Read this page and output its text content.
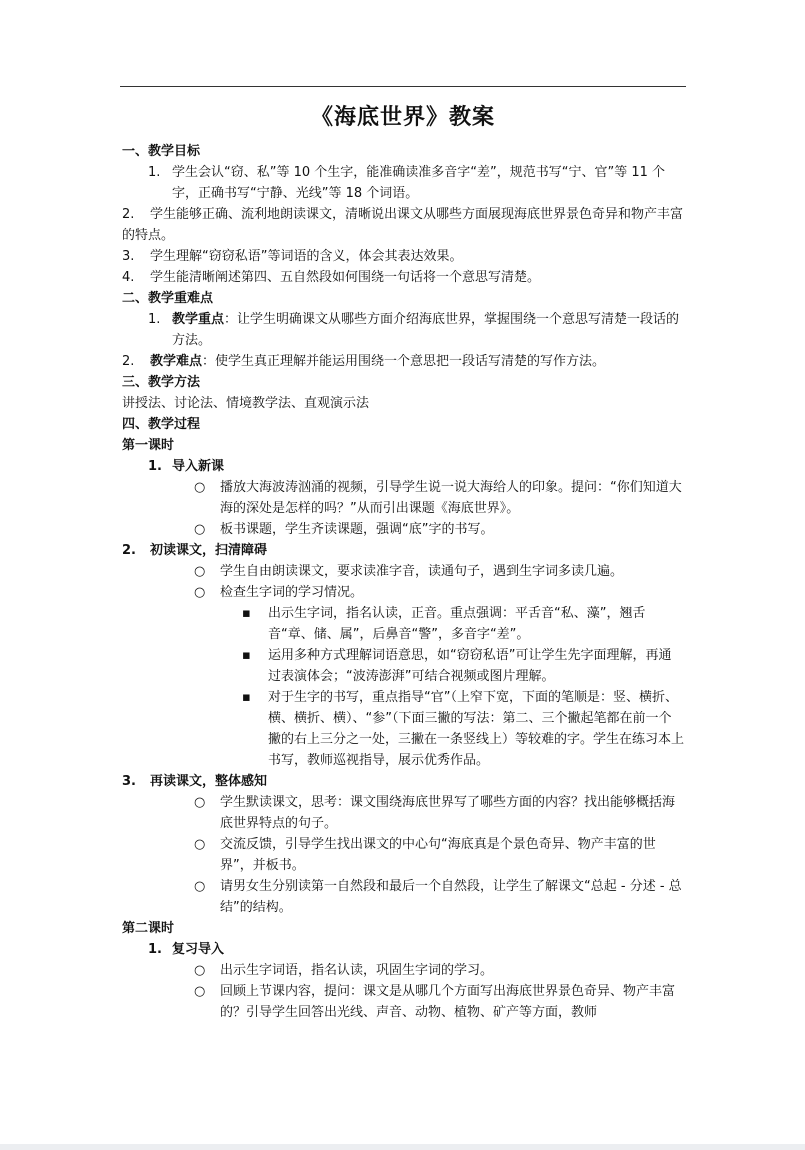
《海底世界》教案
一、教学目标
1. 学生会认“窃、私”等 10 个生字，能准确读准多音字“差”，规范书写“宁、官”等 11 个字，正确书写“宁静、光线”等 18 个词语。
2.	学生能够正确、流利地朗读课文，清晰说出课文从哪些方面展现海底世界景色奇异和物产丰富的特点。
3.	学生理解“窃窃私语”等词语的含义，体会其表达效果。
4.	学生能清晰阐述第四、五自然段如何围绕一句话将一个意思写清楚。
二、教学重难点
1. 教学重点：让学生明确课文从哪些方面介绍海底世界，掌握围绕一个意思写清楚一段话的方法。
2.	教学难点：使学生真正理解并能运用围绕一个意思把一段话写清楚的写作方法。
三、教学方法
讲授法、讨论法、情境教学法、直观演示法
四、教学过程
第一课时
1. 导入新课
○	播放大海波涛汹涌的视频，引导学生说一说大海给人的印象。提问：“你们知道大海的深处是怎样的吗？”从而引出课题《海底世界》。
○	板书课题，学生齐读课题，强调“底”字的书写。
2.	初读课文，扫清障碍
○	学生自由朗读课文，要求读准字音，读通句子，遇到生字词多读几遍。
○	检查生字词的学习情况。
▪	出示生字词，指名认读，正音。重点强调：平舌音“私、藻”，翘舌音“章、储、属”，后鼻音“警”，多音字“差”。
▪	运用多种方式理解词语意思，如“窃窃私语”可让学生先字面理解，再通过表演体会；“波涛澎湃”可结合视频或图片理解。
▪	对于生字的书写，重点指导“官”（上窄下宽，下面的笔顺是：竖、横折、横、横折、横）、“参”（下面三撇的写法：第二、三个撇起笔都在前一个撇的右上三分之一处，三撇在一条竖线上）等较难的字。学生在练习本上书写，教师巡视指导，展示优秀作品。
3.	再读课文，整体感知
○	学生默读课文，思考：课文围绕海底世界写了哪些方面的内容？找出能够概括海底世界特点的句子。
○	交流反馈，引导学生找出课文的中心句“海底真是个景色奇异、物产丰富的世界”，并板书。
○	请男女生分别读第一自然段和最后一个自然段，让学生了解课文“总起 - 分述 - 总结”的结构。
第二课时
1. 复习导入
○	出示生字词语，指名认读，巩固生字词的学习。
○	回顾上节课内容，提问：课文是从哪几个方面写出海底世界景色奇异、物产丰富的？引导学生回答出光线、声音、动物、植物、矿产等方面，教师
